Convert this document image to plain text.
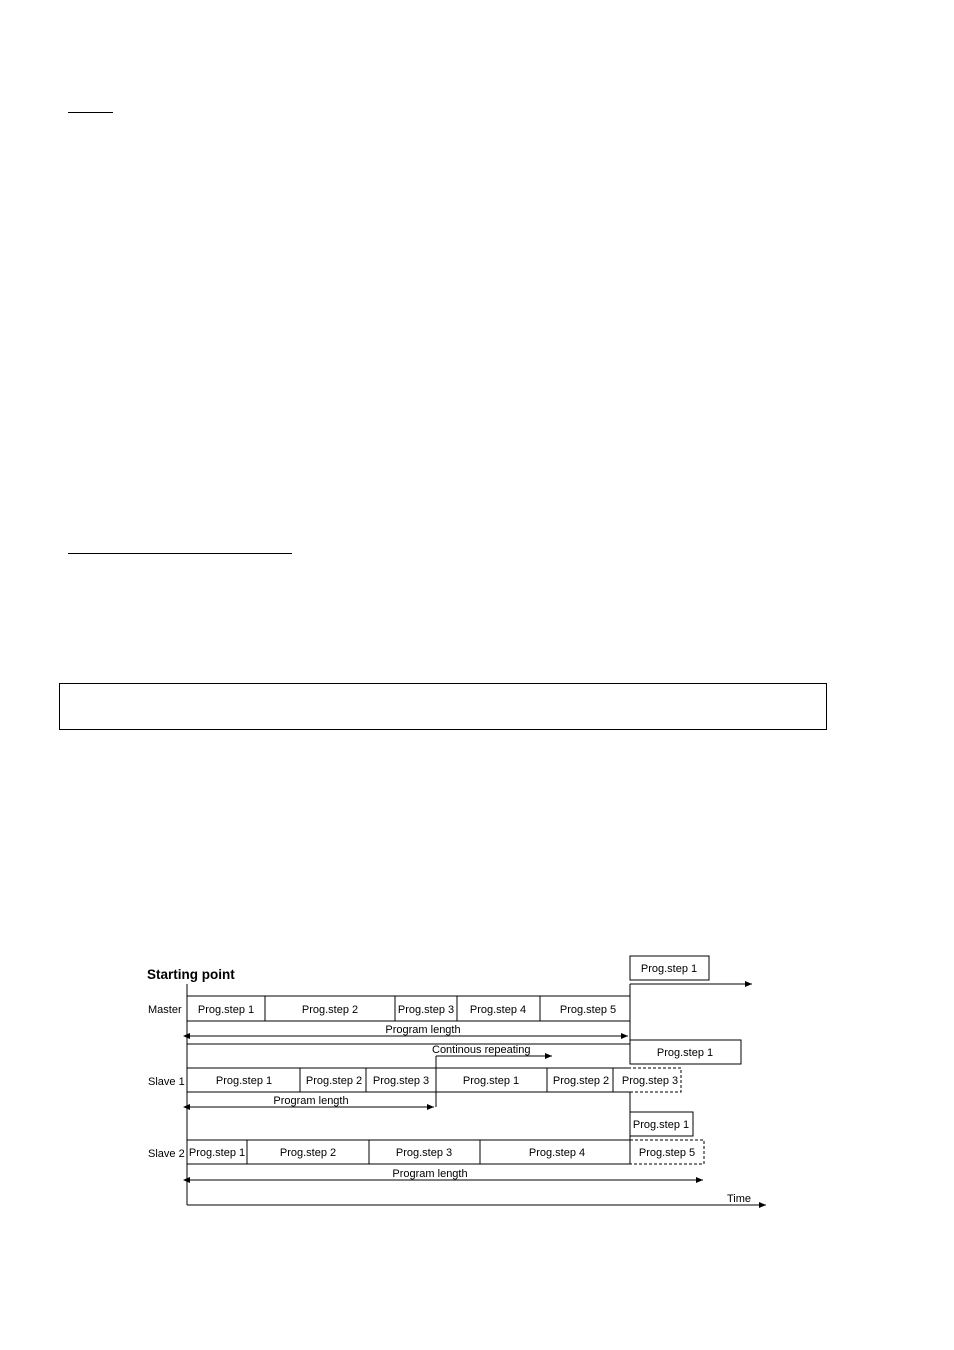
Starting point
Master
Slave 1
Slave 2
Time
Prog.step 1	Prog.step 2	Prog.step 3 Prog.step 4	Prog.step 5
Program length
Prog.step 1
Prog.step 1	Prog.step 2 Prog.step 3	Prog.step 1	Prog.step 2 Prog.step 3
Program length
Continous repeating	Prog.step 1
Prog.step 1	Prog.step 2	Prog.step 3	Prog.step 4	Prog.step 5
Prog.step 1
Program length
